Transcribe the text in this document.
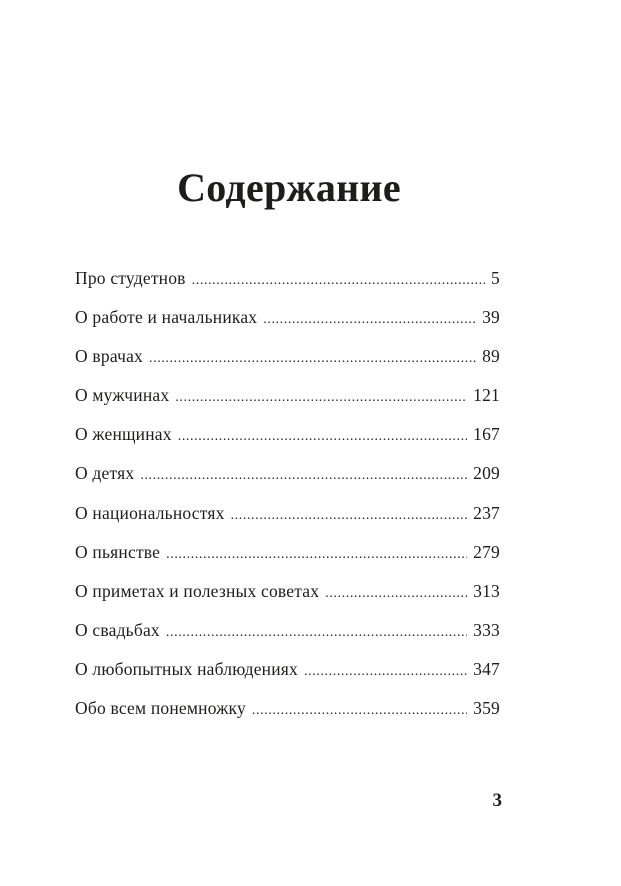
Содержание
Про студетнов .....	5
О работе и начальниках .....	39
О врачах .....	89
О мужчинах .....	121
О женщинах .....	167
О детях .....	209
О национальностях .....	237
О пьянстве .....	279
О приметах и полезных советах .....	313
О свадьбах .....	333
О любопытных наблюдениях .....	347
Обо всем понемножку .....	359
3
